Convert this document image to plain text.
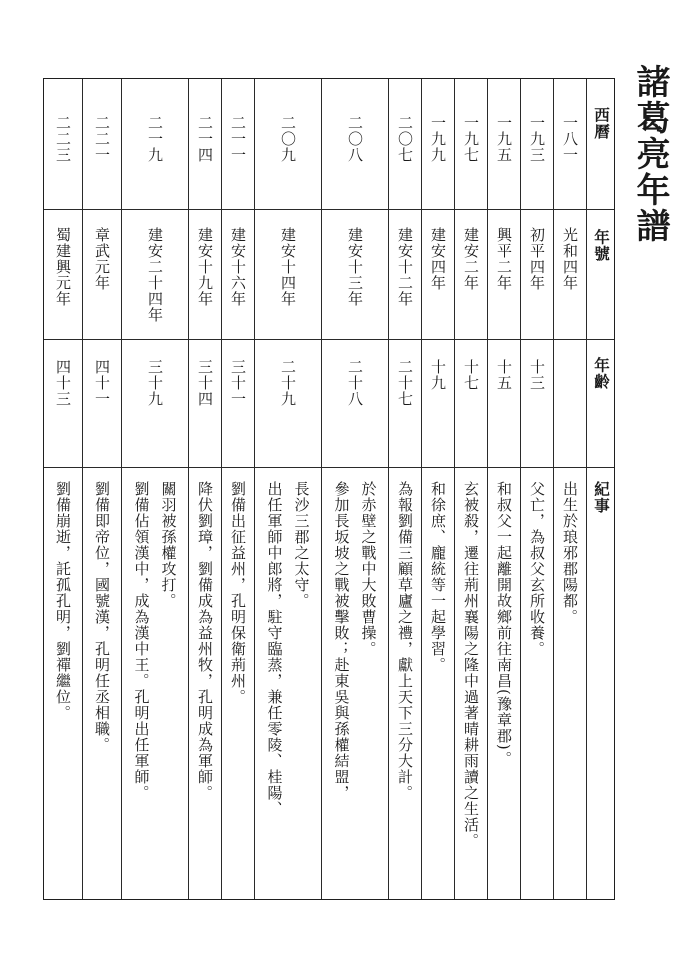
諸葛亮年譜
西曆
年號
年齡
紀事
一八一
光和四年
出生於琅邪郡陽都。
一九三
初平四年
十三
父亡，為叔父玄所收養。
一九五
興平二年
十五
和叔父一起離開故鄉前往南昌(豫章郡)。
一九七
建安二年
十七
玄被殺，遷往荊州襄陽之隆中過著晴耕雨讀之生活。
一九九
建安四年
十九
和徐庶、龐統等一起學習。
二〇七
建安十二年
二十七
為報劉備三顧草廬之禮，獻上天下三分大計。
二〇八
建安十三年
二十八
參加長坂坡之戰被擊敗；赴東吳與孫權結盟， 於赤壁之戰中大敗曹操。
二〇九
建安十四年
二十九
出任軍師中郎將，駐守臨蒸，兼任零陵、桂陽、 長沙三郡之太守。
二一一
建安十六年
三十一
劉備出征益州，孔明保衛荊州。
二一四
建安十九年
三十四
降伏劉璋，劉備成為益州牧，孔明成為軍師。
二一九
建安二十四年
三十九
劉備佔領漢中，成為漢中王。孔明出任軍師。 關羽被孫權攻打。
二二一
章武元年
四十一
劉備即帝位，國號漢，孔明任丞相職。
二二三
蜀建興元年
四十三
劉備崩逝，託孤孔明，劉禪繼位。
